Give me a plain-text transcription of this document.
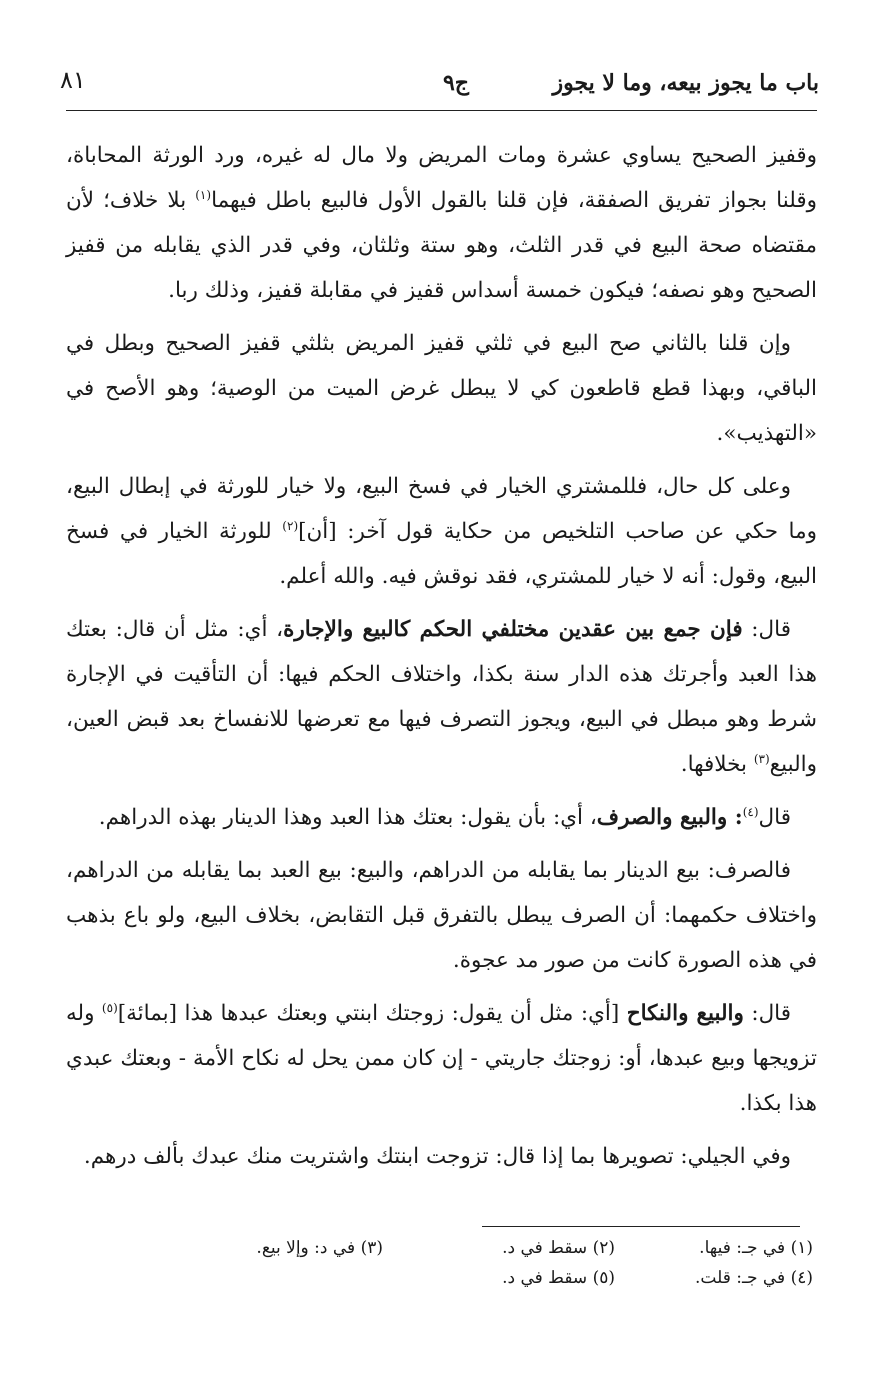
باب ما يجوز بيعه، وما لا يجوز
ج٩
٨١

وقفيز الصحيح يساوي عشرة ومات المريض ولا مال له غيره، ورد الورثة المحاباة، وقلنا بجواز تفريق الصفقة، فإن قلنا بالقول الأول فالبيع باطل فيهما$^{(١)}$ بلا خلاف؛ لأن مقتضاه صحة البيع في قدر الثلث، وهو ستة وثلثان، وفي قدر الذي يقابله من قفيز الصحيح وهو نصفه؛ فيكون خمسة أسداس قفيز في مقابلة قفيز، وذلك ربا.

وإن قلنا بالثاني صح البيع في ثلثي قفيز المريض بثلثي قفيز الصحيح وبطل في الباقي، وبهذا قطع قاطعون كي لا يبطل غرض الميت من الوصية؛ وهو الأصح في «التهذيب».

وعلى كل حال، فللمشتري الخيار في فسخ البيع، ولا خيار للورثة في إبطال البيع، وما حكي عن صاحب التلخيص من حكاية قول آخر: [أن]$^{(٢)}$ للورثة الخيار في فسخ البيع، وقول: أنه لا خيار للمشتري، فقد نوقش فيه. والله أعلم.

قال: فإن جمع بين عقدين مختلفي الحكم كالبيع والإجارة، أي: مثل أن قال: بعتك هذا العبد وأجرتك هذه الدار سنة بكذا، واختلاف الحكم فيها: أن التأقيت في الإجارة شرط وهو مبطل في البيع، ويجوز التصرف فيها مع تعرضها للانفساخ بعد قبض العين، والبيع$^{(٣)}$ بخلافها.

قال$^{(٤)}$: والبيع والصرف، أي: بأن يقول: بعتك هذا العبد وهذا الدينار بهذه الدراهم.

فالصرف: بيع الدينار بما يقابله من الدراهم، والبيع: بيع العبد بما يقابله من الدراهم، واختلاف حكمهما: أن الصرف يبطل بالتفرق قبل التقابض، بخلاف البيع، ولو باع بذهب في هذه الصورة كانت من صور مد عجوة.

قال: والبيع والنكاح [أي: مثل أن يقول: زوجتك ابنتي وبعتك عبدها هذا [بمائة]$^{(٥)}$ وله تزويجها وبيع عبدها، أو: زوجتك جاريتي - إن كان ممن يحل له نكاح الأمة - وبعتك عبدي هذا بكذا.

وفي الجيلي: تصويرها بما إذا قال: تزوجت ابنتك واشتريت منك عبدك بألف درهم.

(١) في جـ: فيها.
(٢) سقط في د.
(٣) في د: وإلا بيع.
(٤) في جـ: قلت.
(٥) سقط في د.
